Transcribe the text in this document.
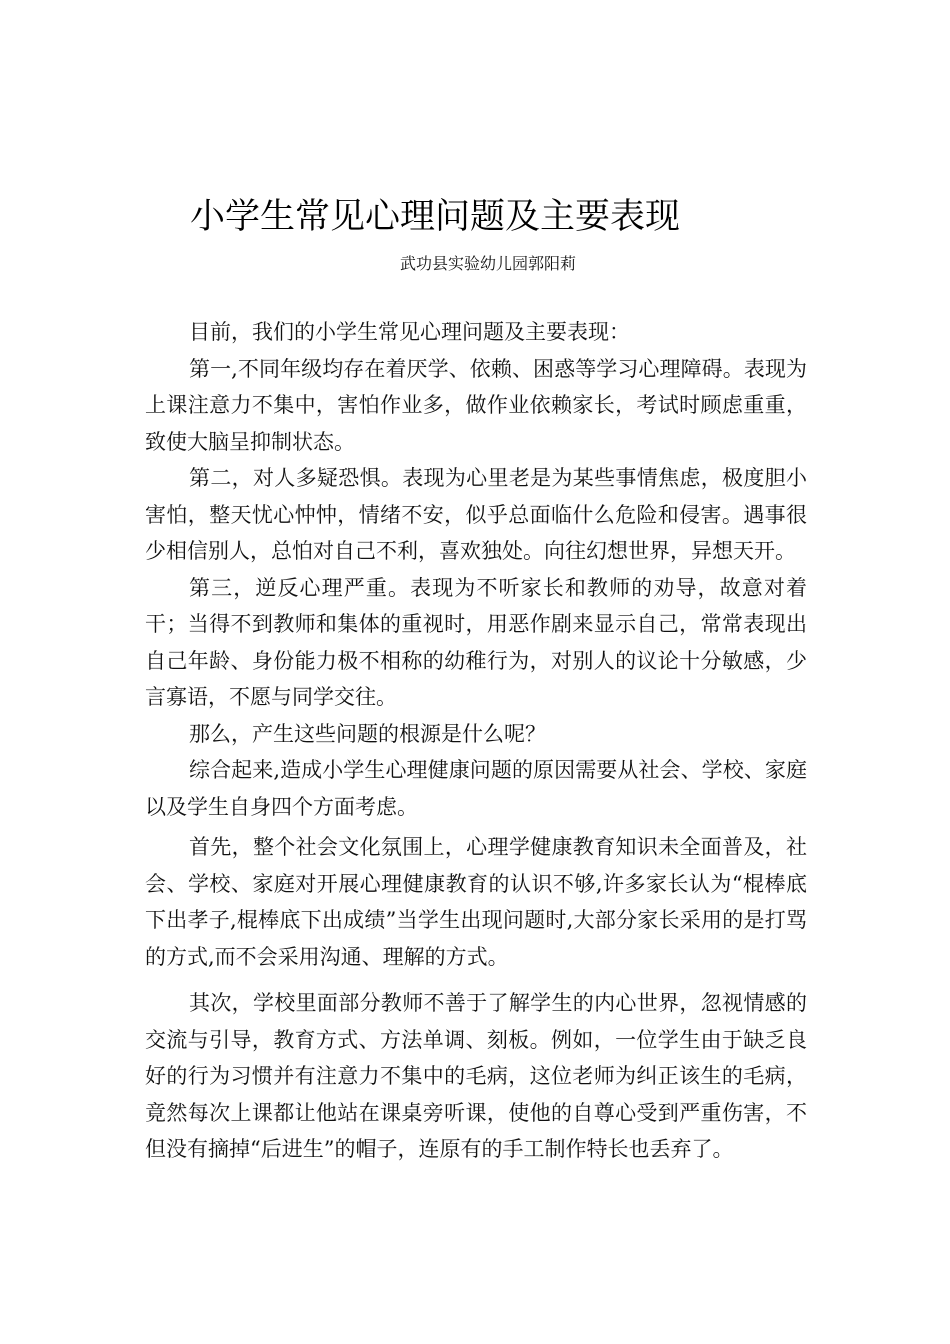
小学生常见心理问题及主要表现

武功县实验幼儿园郭阳莉

目前，我们的小学生常见心理问题及主要表现：

第一,不同年级均存在着厌学、依赖、困惑等学习心理障碍。表现为上课注意力不集中，害怕作业多，做作业依赖家长，考试时顾虑重重，致使大脑呈抑制状态。

第二，对人多疑恐惧。表现为心里老是为某些事情焦虑，极度胆小害怕，整天忧心忡忡，情绪不安，似乎总面临什么危险和侵害。遇事很少相信别人，总怕对自己不利，喜欢独处。向往幻想世界，异想天开。

第三，逆反心理严重。表现为不听家长和教师的劝导，故意对着干；当得不到教师和集体的重视时，用恶作剧来显示自己，常常表现出自己年龄、身份能力极不相称的幼稚行为，对别人的议论十分敏感，少言寡语，不愿与同学交往。

那么，产生这些问题的根源是什么呢？

综合起来,造成小学生心理健康问题的原因需要从社会、学校、家庭以及学生自身四个方面考虑。

首先，整个社会文化氛围上，心理学健康教育知识未全面普及，社会、学校、家庭对开展心理健康教育的认识不够,许多家长认为“棍棒底下出孝子,棍棒底下出成绩”当学生出现问题时,大部分家长采用的是打骂的方式,而不会采用沟通、理解的方式。

其次，学校里面部分教师不善于了解学生的内心世界，忽视情感的交流与引导，教育方式、方法单调、刻板。例如，一位学生由于缺乏良好的行为习惯并有注意力不集中的毛病，这位老师为纠正该生的毛病，竟然每次上课都让他站在课桌旁听课，使他的自尊心受到严重伤害，不但没有摘掉“后进生”的帽子，连原有的手工制作特长也丢弃了。
